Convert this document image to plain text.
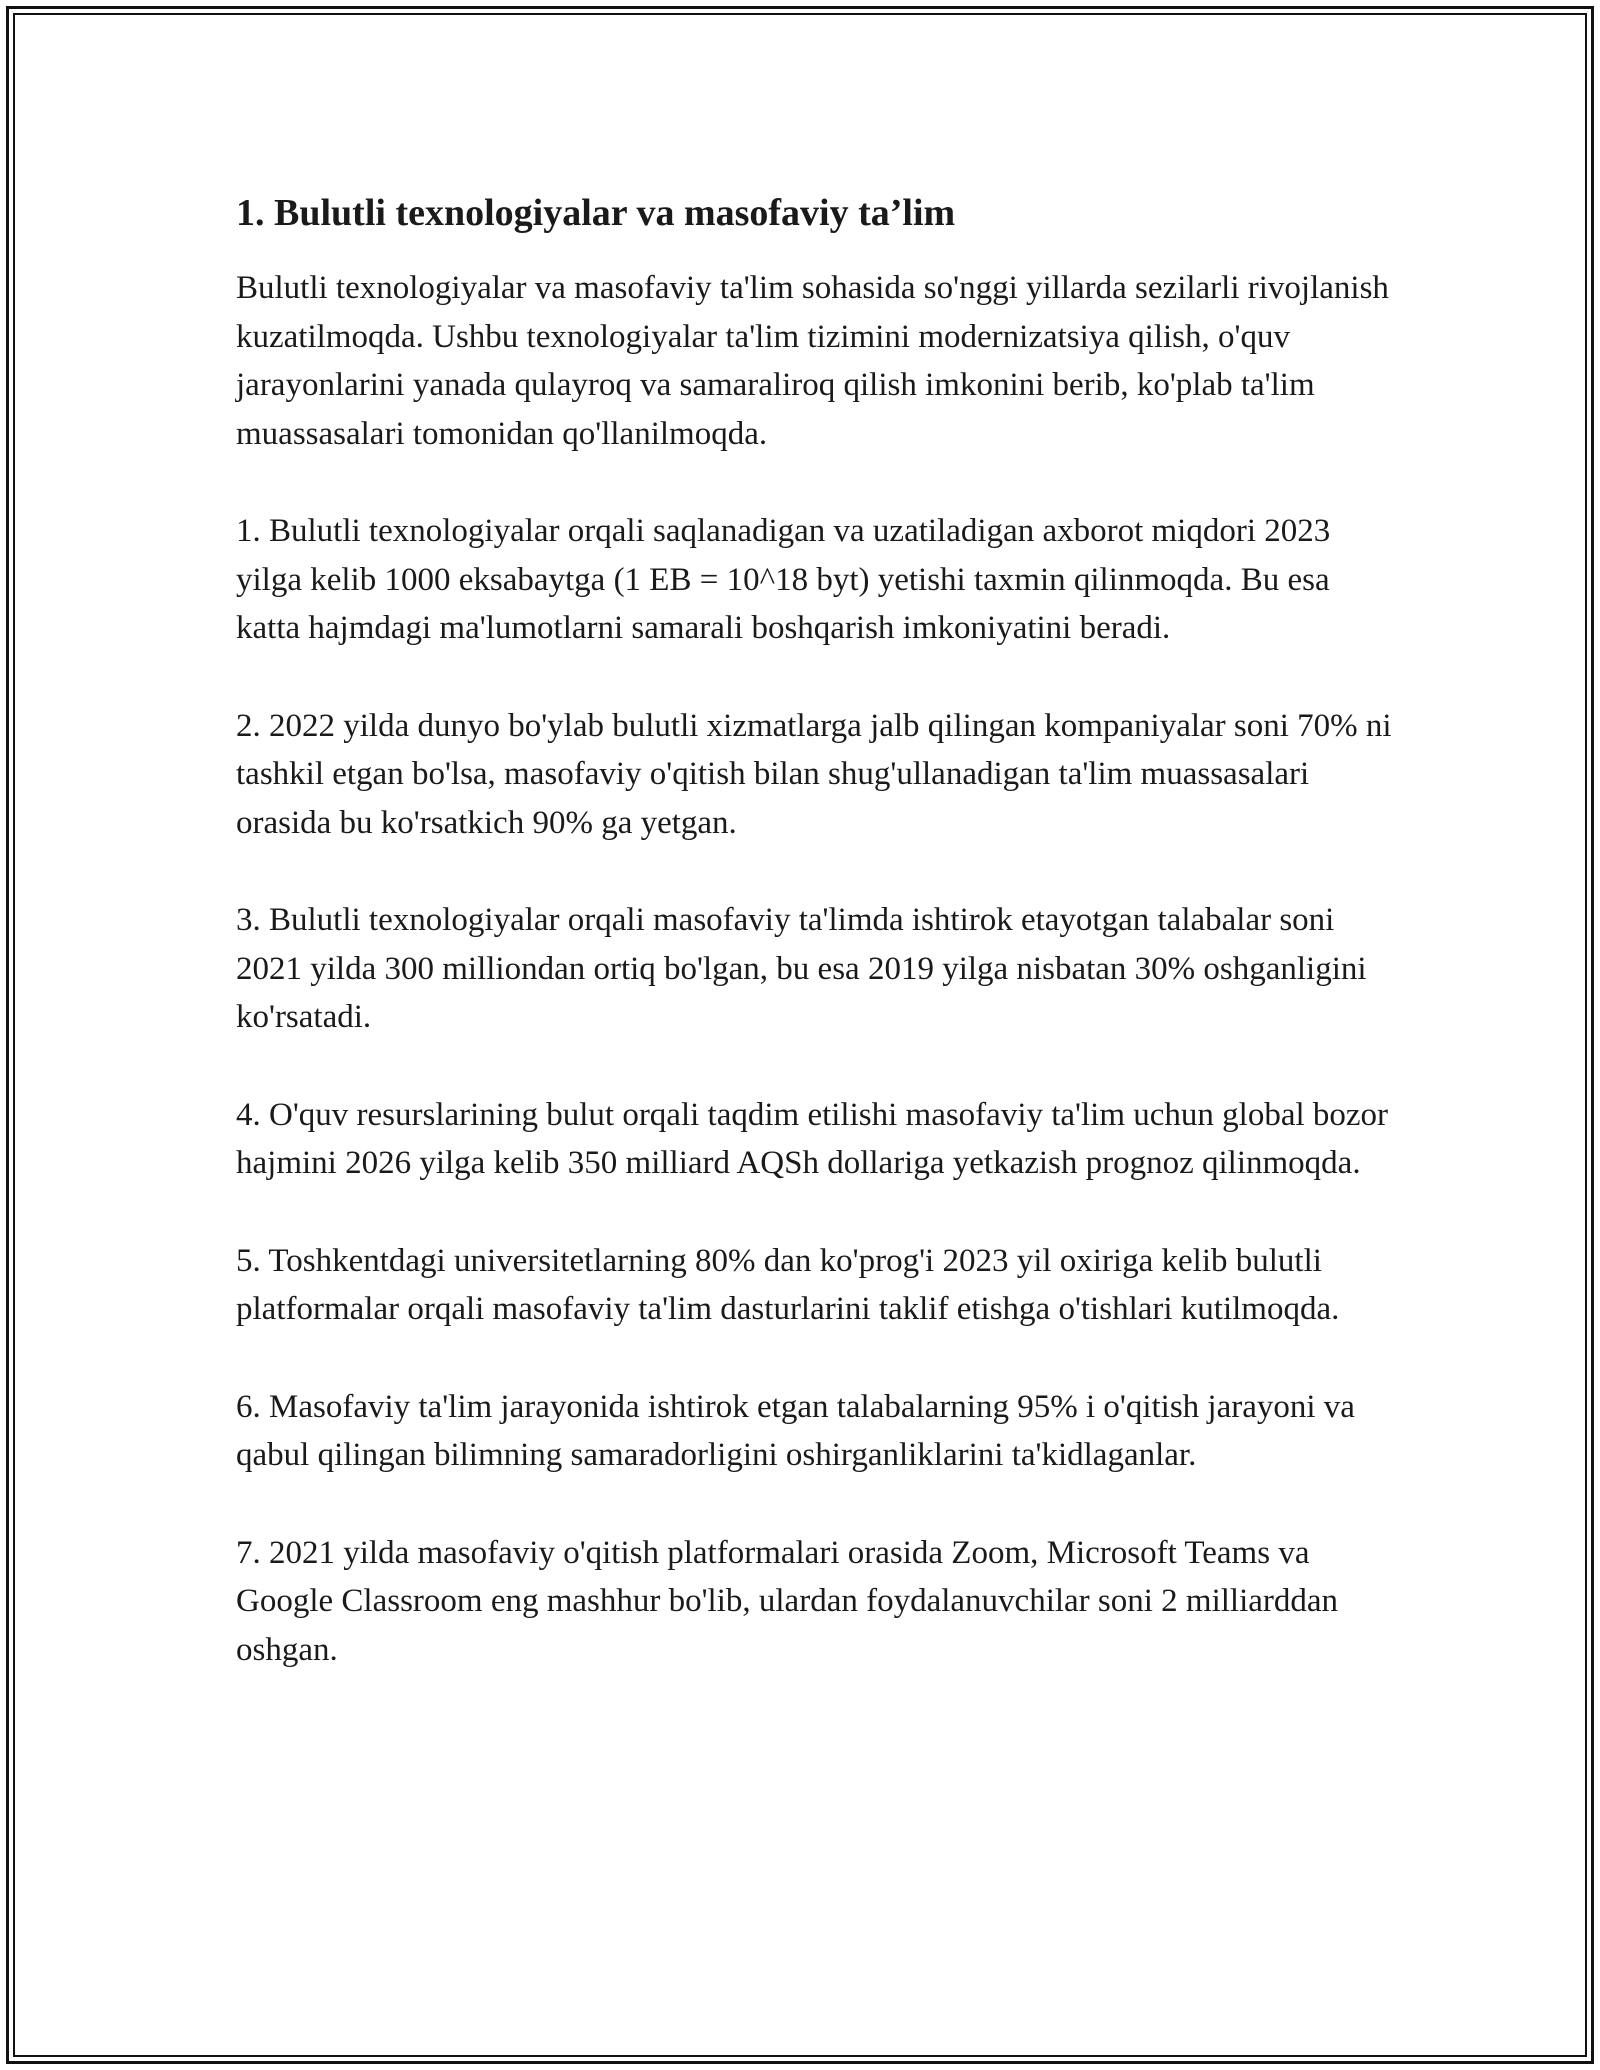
1. Bulutli texnologiyalar va masofaviy ta’lim

Bulutli texnologiyalar va masofaviy ta'lim sohasida so'nggi yillarda sezilarli rivojlanish kuzatilmoqda. Ushbu texnologiyalar ta'lim tizimini modernizatsiya qilish, o'quv jarayonlarini yanada qulayroq va samaraliroq qilish imkonini berib, ko'plab ta'lim muassasalari tomonidan qo'llanilmoqda.

1. Bulutli texnologiyalar orqali saqlanadigan va uzatiladigan axborot miqdori 2023 yilga kelib 1000 eksabaytga (1 EB = 10^18 byt) yetishi taxmin qilinmoqda. Bu esa katta hajmdagi ma'lumotlarni samarali boshqarish imkoniyatini beradi.

2. 2022 yilda dunyo bo'ylab bulutli xizmatlarga jalb qilingan kompaniyalar soni 70% ni tashkil etgan bo'lsa, masofaviy o'qitish bilan shug'ullanadigan ta'lim muassasalari orasida bu ko'rsatkich 90% ga yetgan.

3. Bulutli texnologiyalar orqali masofaviy ta'limda ishtirok etayotgan talabalar soni 2021 yilda 300 milliondan ortiq bo'lgan, bu esa 2019 yilga nisbatan 30% oshganligini ko'rsatadi.

4. O'quv resurslarining bulut orqali taqdim etilishi masofaviy ta'lim uchun global bozor hajmini 2026 yilga kelib 350 milliard AQSh dollariga yetkazish prognoz qilinmoqda.

5. Toshkentdagi universitetlarning 80% dan ko'prog'i 2023 yil oxiriga kelib bulutli platformalar orqali masofaviy ta'lim dasturlarini taklif etishga o'tishlari kutilmoqda.

6. Masofaviy ta'lim jarayonida ishtirok etgan talabalarning 95% i o'qitish jarayoni va qabul qilingan bilimning samaradorligini oshirganliklarini ta'kidlaganlar.

7. 2021 yilda masofaviy o'qitish platformalari orasida Zoom, Microsoft Teams va Google Classroom eng mashhur bo'lib, ulardan foydalanuvchilar soni 2 milliarddan oshgan.
